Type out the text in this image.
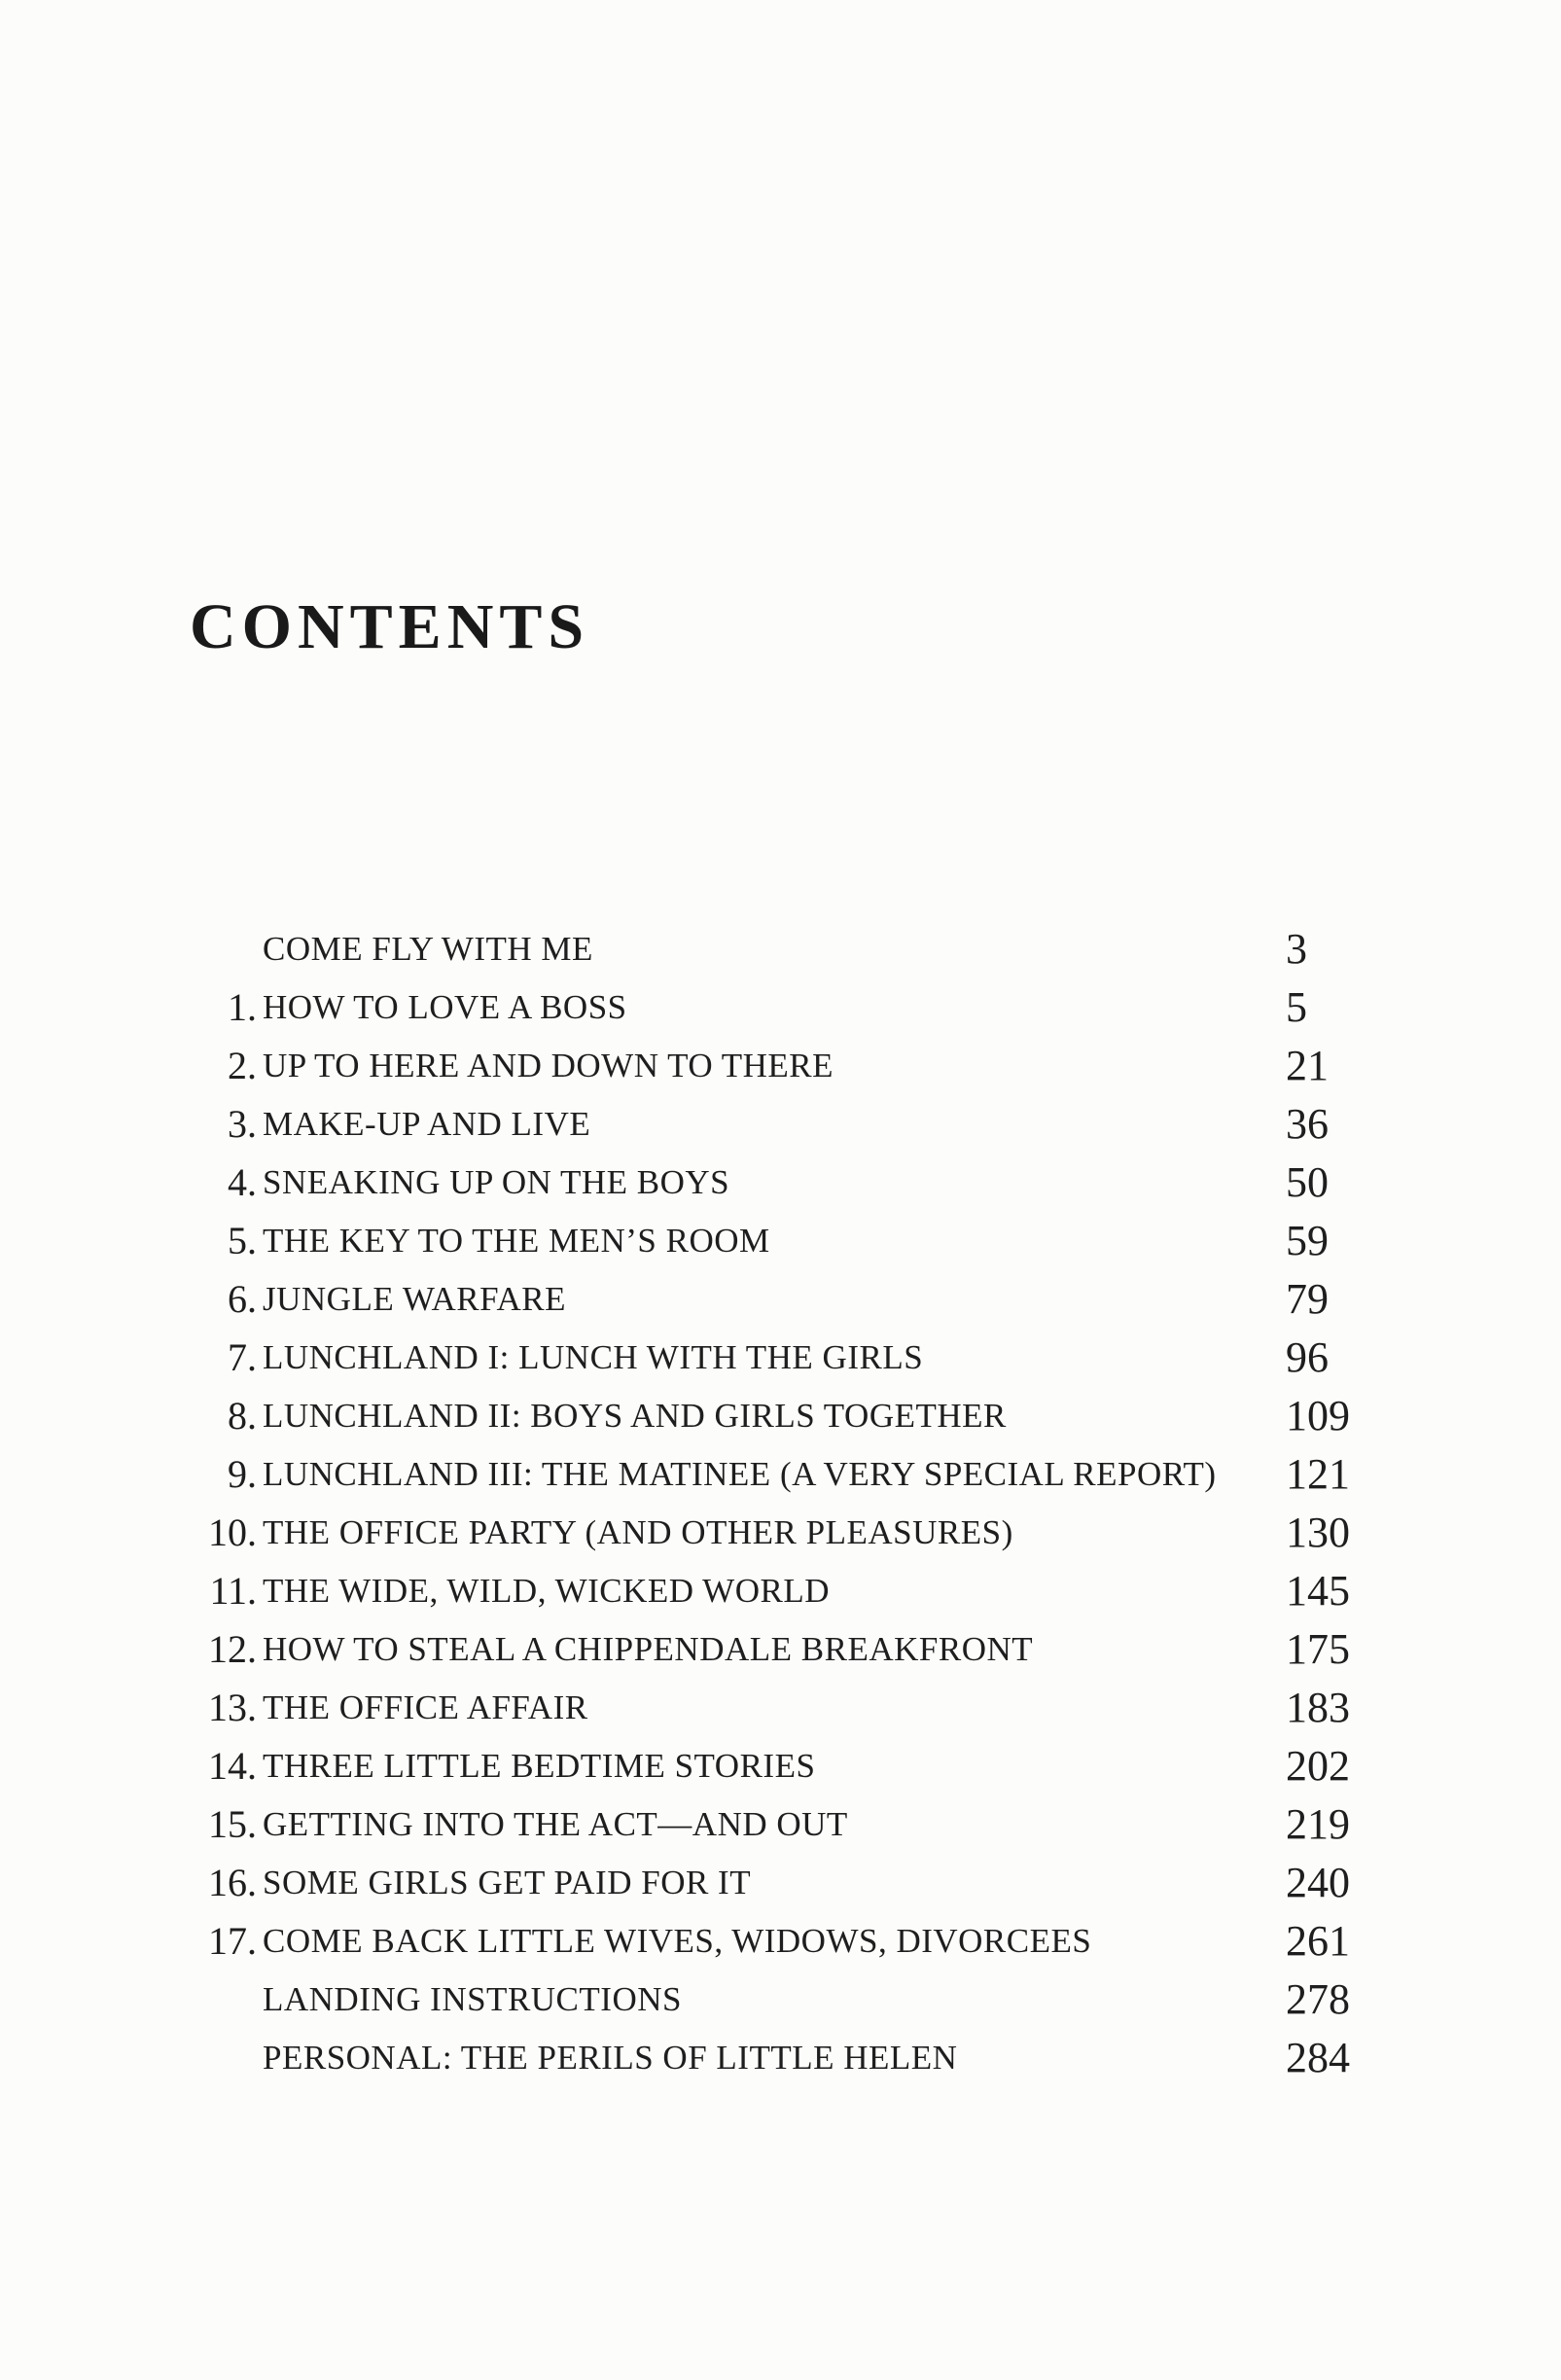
CONTENTS
COME FLY WITH ME	3
1. HOW TO LOVE A BOSS	5
2. UP TO HERE AND DOWN TO THERE	21
3. MAKE-UP AND LIVE	36
4. SNEAKING UP ON THE BOYS	50
5. THE KEY TO THE MEN’S ROOM	59
6. JUNGLE WARFARE	79
7. LUNCHLAND I: LUNCH WITH THE GIRLS	96
8. LUNCHLAND II: BOYS AND GIRLS TOGETHER	109
9. LUNCHLAND III: THE MATINEE (A VERY SPECIAL REPORT) 121
10. THE OFFICE PARTY (AND OTHER PLEASURES)	130
11. THE WIDE, WILD, WICKED WORLD	145
12. HOW TO STEAL A CHIPPENDALE BREAKFRONT	175
13. THE OFFICE AFFAIR	183
14. THREE LITTLE BEDTIME STORIES	202
15. GETTING INTO THE ACT—AND OUT	219
16. SOME GIRLS GET PAID FOR IT	240
17. COME BACK LITTLE WIVES, WIDOWS, DIVORCEES	261
LANDING INSTRUCTIONS	278
PERSONAL: THE PERILS OF LITTLE HELEN	284
